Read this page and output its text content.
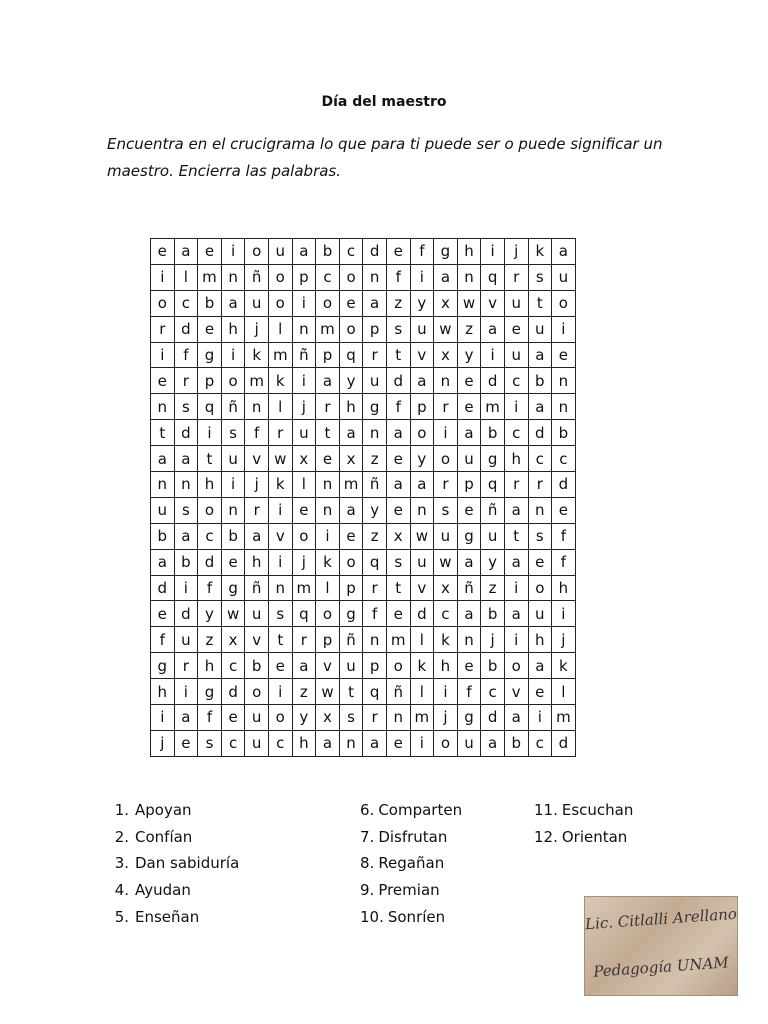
Día del maestro
Encuentra en el crucigrama lo que para ti puede ser o puede significar un maestro. Encierra las palabras.
e	a	e	i	o	u	a	b	c	d	e	f	g	h	i	j	k	a
i	l	m	n	ñ	o	p	c	o	n	f	i	a	n	q	r	s	u
o	c	b	a	u	o	i	o	e	a	z	y	x	w	v	u	t	o
r	d	e	h	j	l	n	m	o	p	s	u	w	z	a	e	u	i
i	f	g	i	k	m	ñ	p	q	r	t	v	x	y	i	u	a	e
e	r	p	o	m	k	i	a	y	u	d	a	n	e	d	c	b	n
n	s	q	ñ	n	l	j	r	h	g	f	p	r	e	m	i	a	n
t	d	i	s	f	r	u	t	a	n	a	o	i	a	b	c	d	b
a	a	t	u	v	w	x	e	x	z	e	y	o	u	g	h	c	c
n	n	h	i	j	k	l	n	m	ñ	a	a	r	p	q	r	r	d
u	s	o	n	r	i	e	n	a	y	e	n	s	e	ñ	a	n	e
b	a	c	b	a	v	o	i	e	z	x	w	u	g	u	t	s	f
a	b	d	e	h	i	j	k	o	q	s	u	w	a	y	a	e	f
d	i	f	g	ñ	n	m	l	p	r	t	v	x	ñ	z	i	o	h
e	d	y	w	u	s	q	o	g	f	e	d	c	a	b	a	u	i
f	u	z	x	v	t	r	p	ñ	n	m	l	k	n	j	i	h	j
g	r	h	c	b	e	a	v	u	p	o	k	h	e	b	o	a	k
h	i	g	d	o	i	z	w	t	q	ñ	l	i	f	c	v	e	l
i	a	f	e	u	o	y	x	s	r	n	m	j	g	d	a	i	m
j	e	s	c	u	c	h	a	n	a	e	i	o	u	a	b	c	d
1. Apoyan
2. Confían
3. Dan sabiduría
4. Ayudan
5. Enseñan
6. Comparten
7. Disfrutan
8. Regañan
9. Premian
10. Sonríen
11. Escuchan
12. Orientan
Lic. Citlalli Arellano
Pedagogía UNAM
